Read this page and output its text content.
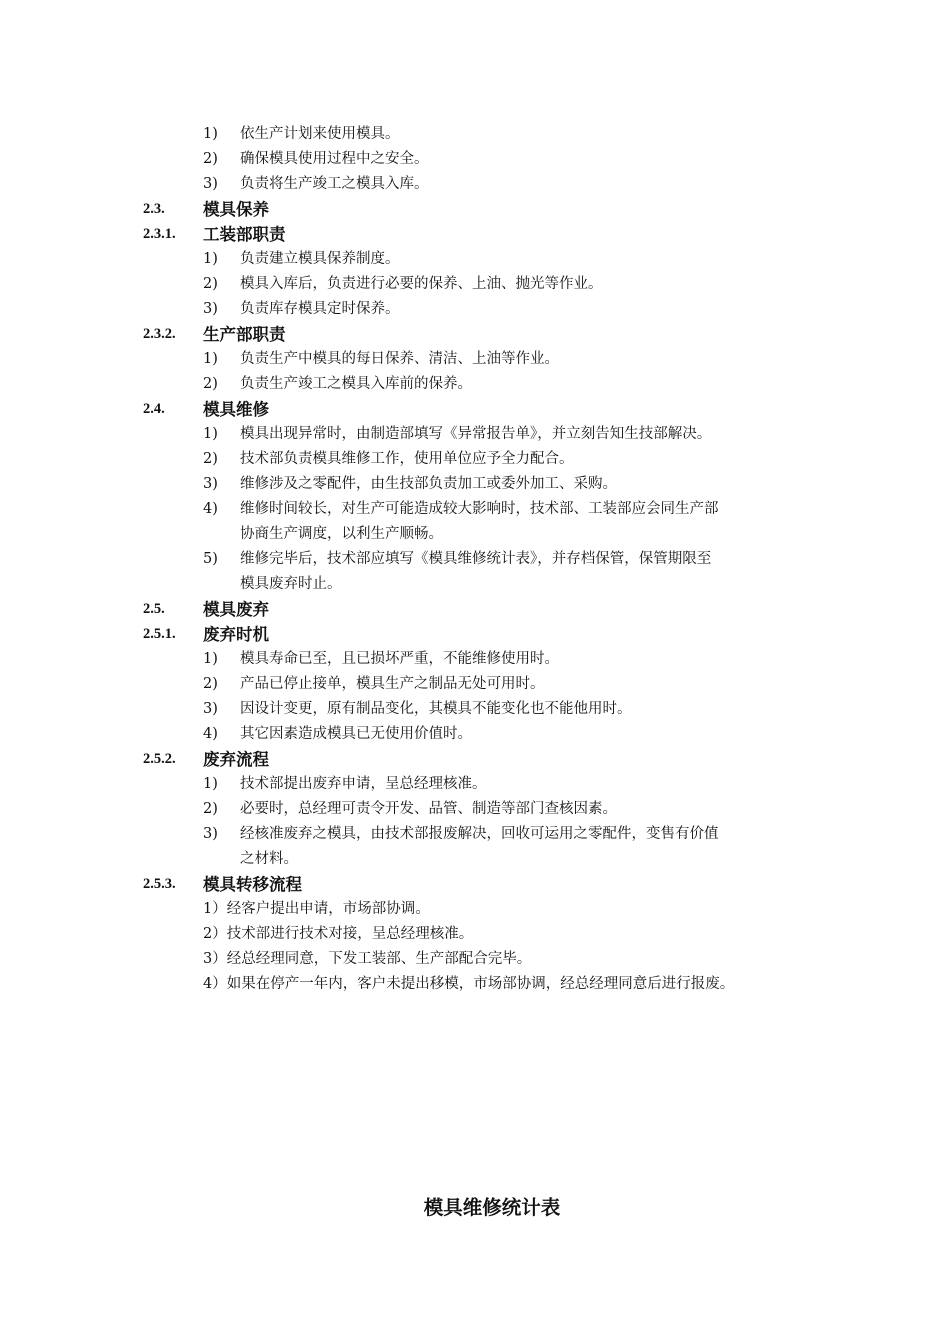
1) 依生产计划来使用模具。
2) 确保模具使用过程中之安全。
3) 负责将生产竣工之模具入库。
2.3. 模具保养
2.3.1. 工装部职责
1) 负责建立模具保养制度。
2) 模具入库后，负责进行必要的保养、上油、抛光等作业。
3) 负责库存模具定时保养。
2.3.2. 生产部职责
1) 负责生产中模具的每日保养、清洁、上油等作业。
2) 负责生产竣工之模具入库前的保养。
2.4. 模具维修
1) 模具出现异常时，由制造部填写《异常报告单》，并立刻告知生技部解决。
2) 技术部负责模具维修工作，使用单位应予全力配合。
3) 维修涉及之零配件，由生技部负责加工或委外加工、采购。
4) 维修时间较长，对生产可能造成较大影响时，技术部、工装部应会同生产部
协商生产调度，以利生产顺畅。
5) 维修完毕后，技术部应填写《模具维修统计表》，并存档保管，保管期限至
模具废弃时止。
2.5. 模具废弃
2.5.1. 废弃时机
1) 模具寿命已至，且已损坏严重，不能维修使用时。
2) 产品已停止接单，模具生产之制品无处可用时。
3) 因设计变更，原有制品变化，其模具不能变化也不能他用时。
4) 其它因素造成模具已无使用价值时。
2.5.2. 废弃流程
1) 技术部提出废弃申请，呈总经理核准。
2) 必要时，总经理可责令开发、品管、制造等部门查核因素。
3) 经核准废弃之模具，由技术部报废解决，回收可运用之零配件，变售有价值
之材料。
2.5.3. 模具转移流程
1）经客户提出申请，市场部协调。
2）技术部进行技术对接，呈总经理核准。
3）经总经理同意，下发工装部、生产部配合完毕。
4）如果在停产一年内，客户未提出移模，市场部协调，经总经理同意后进行报废。
模具维修统计表
